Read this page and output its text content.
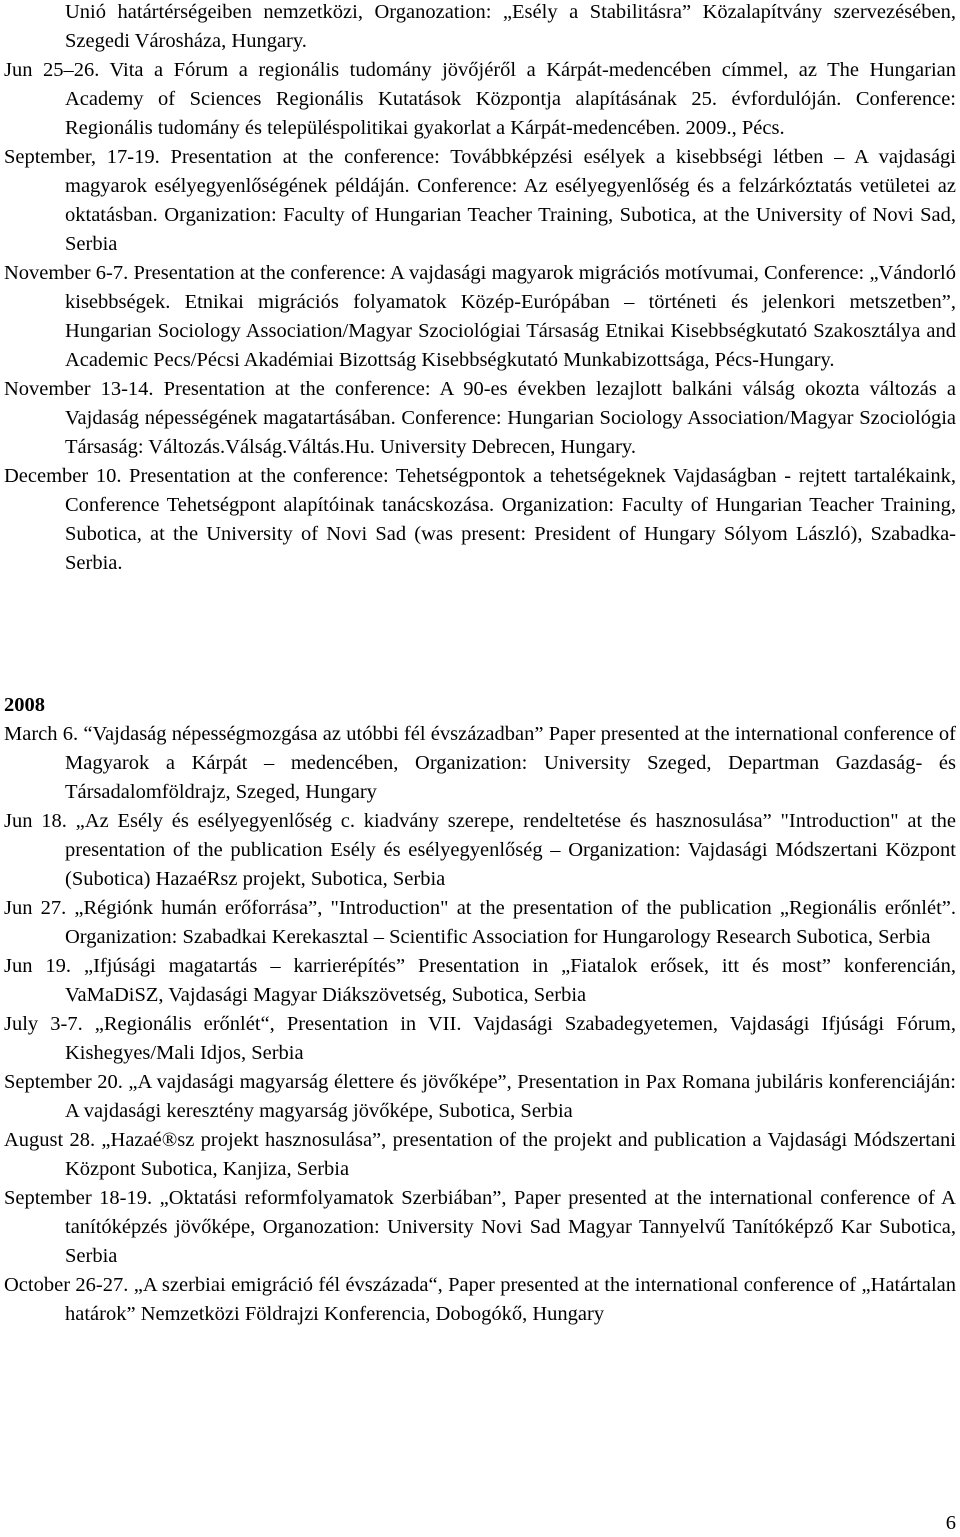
Unió határtérségeiben nemzetközi, Organozation: „Esély a Stabilitásra” Közalapítvány szervezésében, Szegedi Városháza, Hungary.
Jun 25–26. Vita a Fórum a regionális tudomány jövőjéről a Kárpát-medencében címmel, az The Hungarian Academy of Sciences Regionális Kutatások Központja alapításának 25. évfordulóján. Conference: Regionális tudomány és településpolitikai gyakorlat a Kárpát-medencében. 2009., Pécs.
September, 17-19. Presentation at the conference: Továbbképzési esélyek a kisebbségi létben – A vajdasági magyarok esélyegyenlőségének példáján. Conference: Az esélyegyenlőség és a felzárkóztatás vetületei az oktatásban. Organization: Faculty of Hungarian Teacher Training, Subotica, at the University of Novi Sad, Serbia
November 6-7. Presentation at the conference: A vajdasági magyarok migrációs motívumai, Conference: „Vándorló kisebbségek. Etnikai migrációs folyamatok Közép-Európában – történeti és jelenkori metszetben”, Hungarian Sociology Association/Magyar Szociológiai Társaság Etnikai Kisebbségkutató Szakosztálya and Academic Pecs/Pécsi Akadémiai Bizottság Kisebbségkutató Munkabizottsága, Pécs-Hungary.
November 13-14. Presentation at the conference: A 90-es években lezajlott balkáni válság okozta változás a Vajdaság népességének magatartásában. Conference: Hungarian Sociology Association/Magyar Szociológia Társaság: Változás.Válság.Váltás.Hu. University Debrecen, Hungary.
December 10. Presentation at the conference: Tehetségpontok a tehetségeknek Vajdaságban - rejtett tartalékaink, Conference Tehetségpont alapítóinak tanácskozása. Organization: Faculty of Hungarian Teacher Training, Subotica, at the University of Novi Sad (was present: President of Hungary Sólyom László), Szabadka-Serbia.
2008
March 6. “Vajdaság népességmozgása az utóbbi fél évszázadban” Paper presented at the international conference of Magyarok a Kárpát – medencében, Organization: University Szeged, Departman Gazdaság- és Társadalomföldrajz, Szeged, Hungary
Jun 18. „Az Esély és esélyegyenlőség c. kiadvány szerepe, rendeltetése és hasznosulása” "Introduction" at the presentation of the publication Esély és esélyegyenlőség – Organization: Vajdasági Módszertani Központ (Subotica) HazaéRsz projekt, Subotica, Serbia
Jun 27. „Régiónk humán erőforrása”, "Introduction" at the presentation of the publication „Regionális erőnlét”. Organization: Szabadkai Kerekasztal – Scientific Association for Hungarology Research Subotica, Serbia
Jun 19. „Ifjúsági magatartás – karrierépítés” Presentation in „Fiatalok erősek, itt és most” konferencián, VaMaDiSZ, Vajdasági Magyar Diákszövetség, Subotica, Serbia
July 3-7. „Regionális erőnlét“, Presentation in VII. Vajdasági Szabadegyetemen, Vajdasági Ifjúsági Fórum, Kishegyes/Mali Idjos, Serbia
September 20. „A vajdasági magyarság élettere és jövőképe”, Presentation in Pax Romana jubiláris konferenciáján: A vajdasági keresztény magyarság jövőképe, Subotica, Serbia
August 28. „Hazaé®sz projekt hasznosulása”, presentation of the projekt and publication a Vajdasági Módszertani Központ Subotica, Kanjiza, Serbia
September 18-19. „Oktatási reformfolyamatok Szerbiában”, Paper presented at the international conference of A tanítóképzés jövőképe, Organozation: University Novi Sad Magyar Tannyelvű Tanítóképző Kar Subotica, Serbia
October 26-27. „A szerbiai emigráció fél évszázada“, Paper presented at the international conference of „Határtalan határok” Nemzetközi Földrajzi Konferencia, Dobogókő, Hungary
6
